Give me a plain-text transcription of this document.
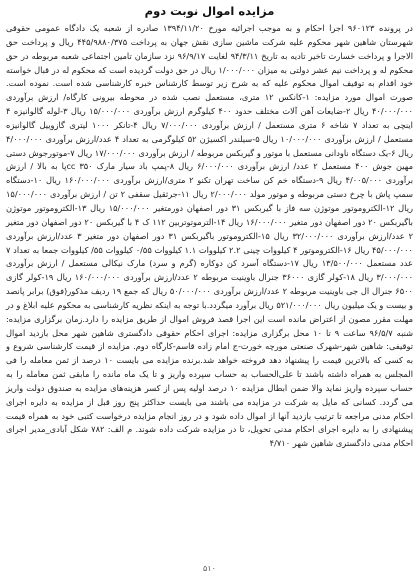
مزایده اموال نوبت دوم

در پرونده ۹۶۰۱۲۳ اجرا احکام و به موجب اجرائیه مورخ ۱۳۹۴/۱۱/۲۰ صادره از شعبه یک دادگاه عمومی حقوقی شهرستان شاهین شهر محکوم علیه شرکت ماشین سازی نقش جهان به پرداخت ۴۴۵/۹۸۸۰/۳۷۵ ریال و پرداخت حق الاجرا و پرداخت خسارت تاخیر تادیه به تاریخ ۹۴/۳/۱۱ لغایت ۹۶/۹/۱۷ نزد سازمان تامین اجتماعی شعبه مربوطه در حق محکوم له و پرداخت نیم عشر دولتی به میزان ۱/۰۰۰/۰۰۰ ریال در حق دولت گردیده است که محکوم له در قبال خواسته خود اقدام به توقیف اموال محکوم علیه که به شرح زیر توسط کارشناس خبره کارشناسی شده است. نموده است. صورت اموال مورد مزایده: ۱-کانکس ۱۲ متری، مستعمل نصب شده در محوطه بیرونی کارگاه/ ارزش برآوردی ۴۰/۰۰۰/۰۰۰ ریال ۲-ضایعات آهن آلات مختلف حدود ۴۰۰ کیلوگرم ارزش برآوردی ۱۵/۰۰۰/۰۰۰ ریال ۳-لوله گالوانیزه ۴ اینچی به تعداد ۷ شاخه ۶ متری مستعمل / ارزش برآوردی ۷/۰۰۰/۰۰۰ ریال ۴-تانکر ۱۰۰۰ لیتری گازوییل گالوانیزه مستعمل / ارزش برآوردی ۱۰/۰۰۰/۰۰۰ ریال ۵-سیلندر اکسیژن ۵۲ کیلوگرمی به تعداد ۴ عدد/ارزش برآوردی ۴/۰۰۰/۰۰۰ ریال ۶-یک دستگاه ناودانی مستعمل با موتور و گیربکس مربوطه / ارزش برآوردی ۱۷/۰۰۰/۰۰۰ ریال ۷-موتورجوش دستی مهین جوش ۴۰۰ مستعمل ۲ عدد/ ارزش برآوردی ۶/۰۰۰/۰۰۰ ریال ۸-پمپ باد سیار مارک ۳۵۰ ccپا به بالا / ارزش برآوردی ۴/۰۰۵/۰۰۰ ریال ۹-دستگاه خم کن ساخت تهران تکنو ۲ متری/ارزش برآوردی ۱۶۰/۰۰۰/۰۰۰ ریال ۱۰-دستگاه سمپ پاش با چرخ دستی مربوطه و موتور مولد ۲/۰۰۰/۰۰۰ ریال ۱۱-جرثقیل سقفی ۲ تن / ارزش برآوردی ۱۵/۰۰۰/۰۰۰ ریال ۱۲-الکتروموتور موتوژن سه فاز با گیربکس ۳۱ دور اصفهان دورمتغیر ۱۵/۰۰۰/۰۰۰ ریال ۱۳-الکتروموتور موتوژن باگیربکس ۲۰ دور اصفهان دور متغیر ۱۶/۰۰۰/۰۰۰ ریال ۱۴-الترموتوتربین ۱۱۲ ک ۴ با گیربکس ۲۰ دور اصفهان دور متغیر ۲ عدد/ارزش برآوردی ۳۲/۰۰۰/۰۰۰ ریال ۱۵-الکتروموتور باگیربکس ۳۱ دور اصفهان دور متغیر ۳ عدد/ارزش برآوردی ۴۵/۰۰۰/۰۰۰ ریال ۱۶-الکتروموتور ۴ کیلووات چینی ۲.۲ کیلووات ۱.۱ کیلووات ۰/۵۵ کیلووات ۵۵/ کیلووات جمعا به تعداد ۷ عدد مستعمل ۱۳/۵۰۰/۰۰۰ ریال ۱۷-دستگاه آسرد کن دوکاره (گرم و سرد) مارک نیکالی مستعمل / ارزش برآوردی ۳/۰۰۰/۰۰۰ ریال ۱۸-کولر گازی ۳۶۰۰۰ جنرال باوینیت مربوطه ۲ عدد/ارزش برآوردی ۱۶۰/۰۰۰/۰۰۰ ریال ۱۹-کولر گازی ۶۵۰۰ جنرال ال جی باوینیت مربوطه ۲ عدد/ارزش برآوردی ۵۰/۰۰۰/۰۰۰ ریال که جمع ۱۹ ردیف مذکور(فوق) برابر پانصد و بیست و یک میلیون ریال ۵۲۱/۰۰۰/۰۰۰ ریال برآورد میگردد.با توجه به اینکه نظریه کارشناسی به محکوم علیه ابلاغ و در مهلت مقرر مصون از اعتراض مانده است این اجرا قصد فروش اموال از طریق مزایده را دارد.زمان برگزاری مزایده: شنبه ۹۶/۵/۷ ساعت ۹ تا ۱۰ محل برگزاری مزایده: اجرای احکام حقوقی دادگستری شاهین شهر محل بازدید اموال توقیفی: شاهین شهر-شهرک صنعتی مورچه خورت-ج امام زاده قاسم-کارگاه دوم. مزایده از قیمت کارشناسی شروع و به کسی که بالاترین قیمت را پیشنهاد دهد فروخته خواهد شد.برنده مزایده می بایست ۱۰ درصد از ثمن معامله را فی المجلس به همراه داشته باشند تا علی‌الحساب به حساب سپرده واریز و تا یک ماه مانده را مابقی ثمن معامله را به حساب سپرده واریز نماید والا ضمن ابطال مزایده ۱۰ درصد اولیه پس از کسر هزینه‌های مزایده به صندوق دولت واریز می گردد. کسانی که مایل به شرکت در مزایده می باشند می بایست حداکثر پنج روز قبل از مزایده به دایره اجرای احکام مدنی مراجعه تا ترتیب بازدید آنها از اموال داده شود و در روز انجام مزایده درخواست کتبی خود به همراه قیمت پیشنهادی را به دایره اجرای احکام مدنی تحویل، تا در مزایده شرکت داده شوند. م الف: ۷۸۲ شکل آبادی_مدیر اجرای احکام مدنی دادگستری شاهین شهر ۴/۷۱۰

۵۱۰
